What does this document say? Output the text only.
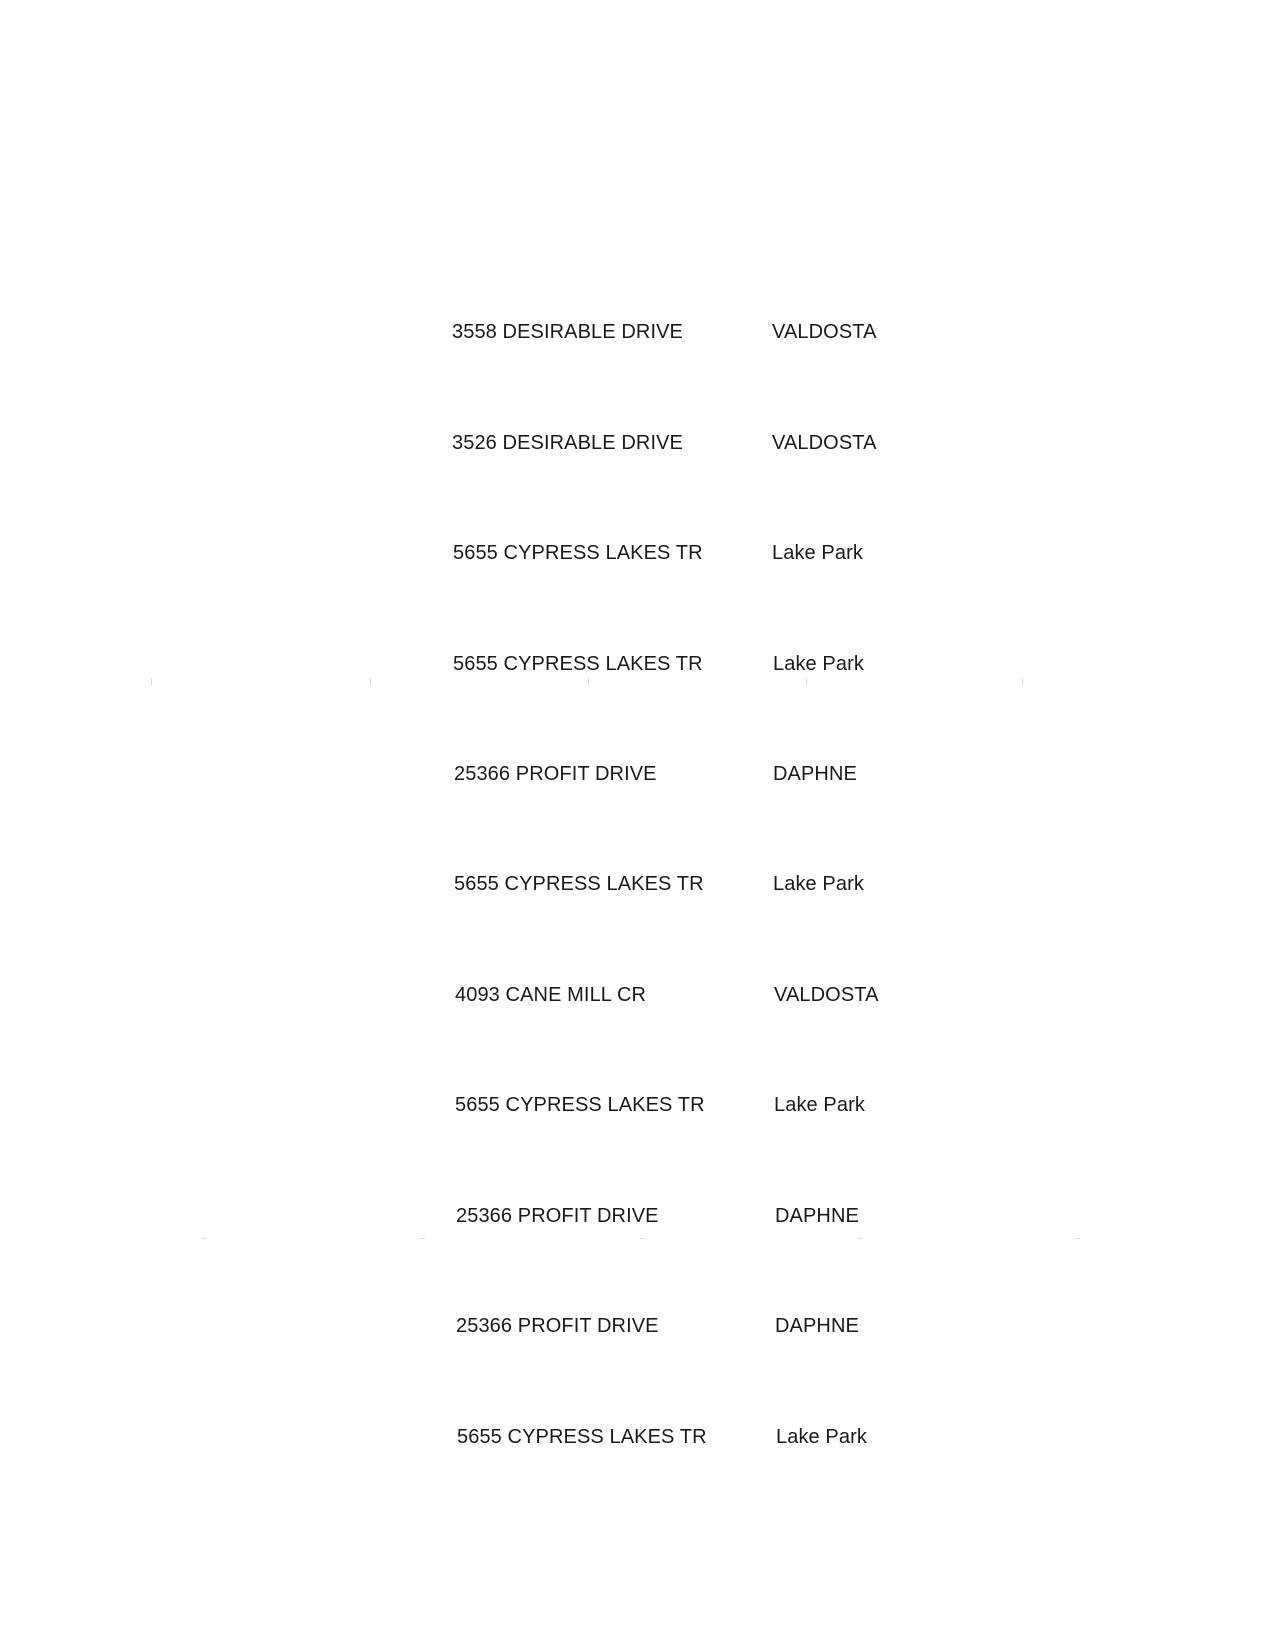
3558 DESIRABLE DRIVE	VALDOSTA
3526 DESIRABLE DRIVE	VALDOSTA
5655 CYPRESS LAKES TR	Lake Park
5655 CYPRESS LAKES TR	Lake Park
25366 PROFIT DRIVE	DAPHNE
5655 CYPRESS LAKES TR	Lake Park
4093 CANE MILL CR	VALDOSTA
5655 CYPRESS LAKES TR	Lake Park
25366 PROFIT DRIVE	DAPHNE
25366 PROFIT DRIVE	DAPHNE
5655 CYPRESS LAKES TR	Lake Park
